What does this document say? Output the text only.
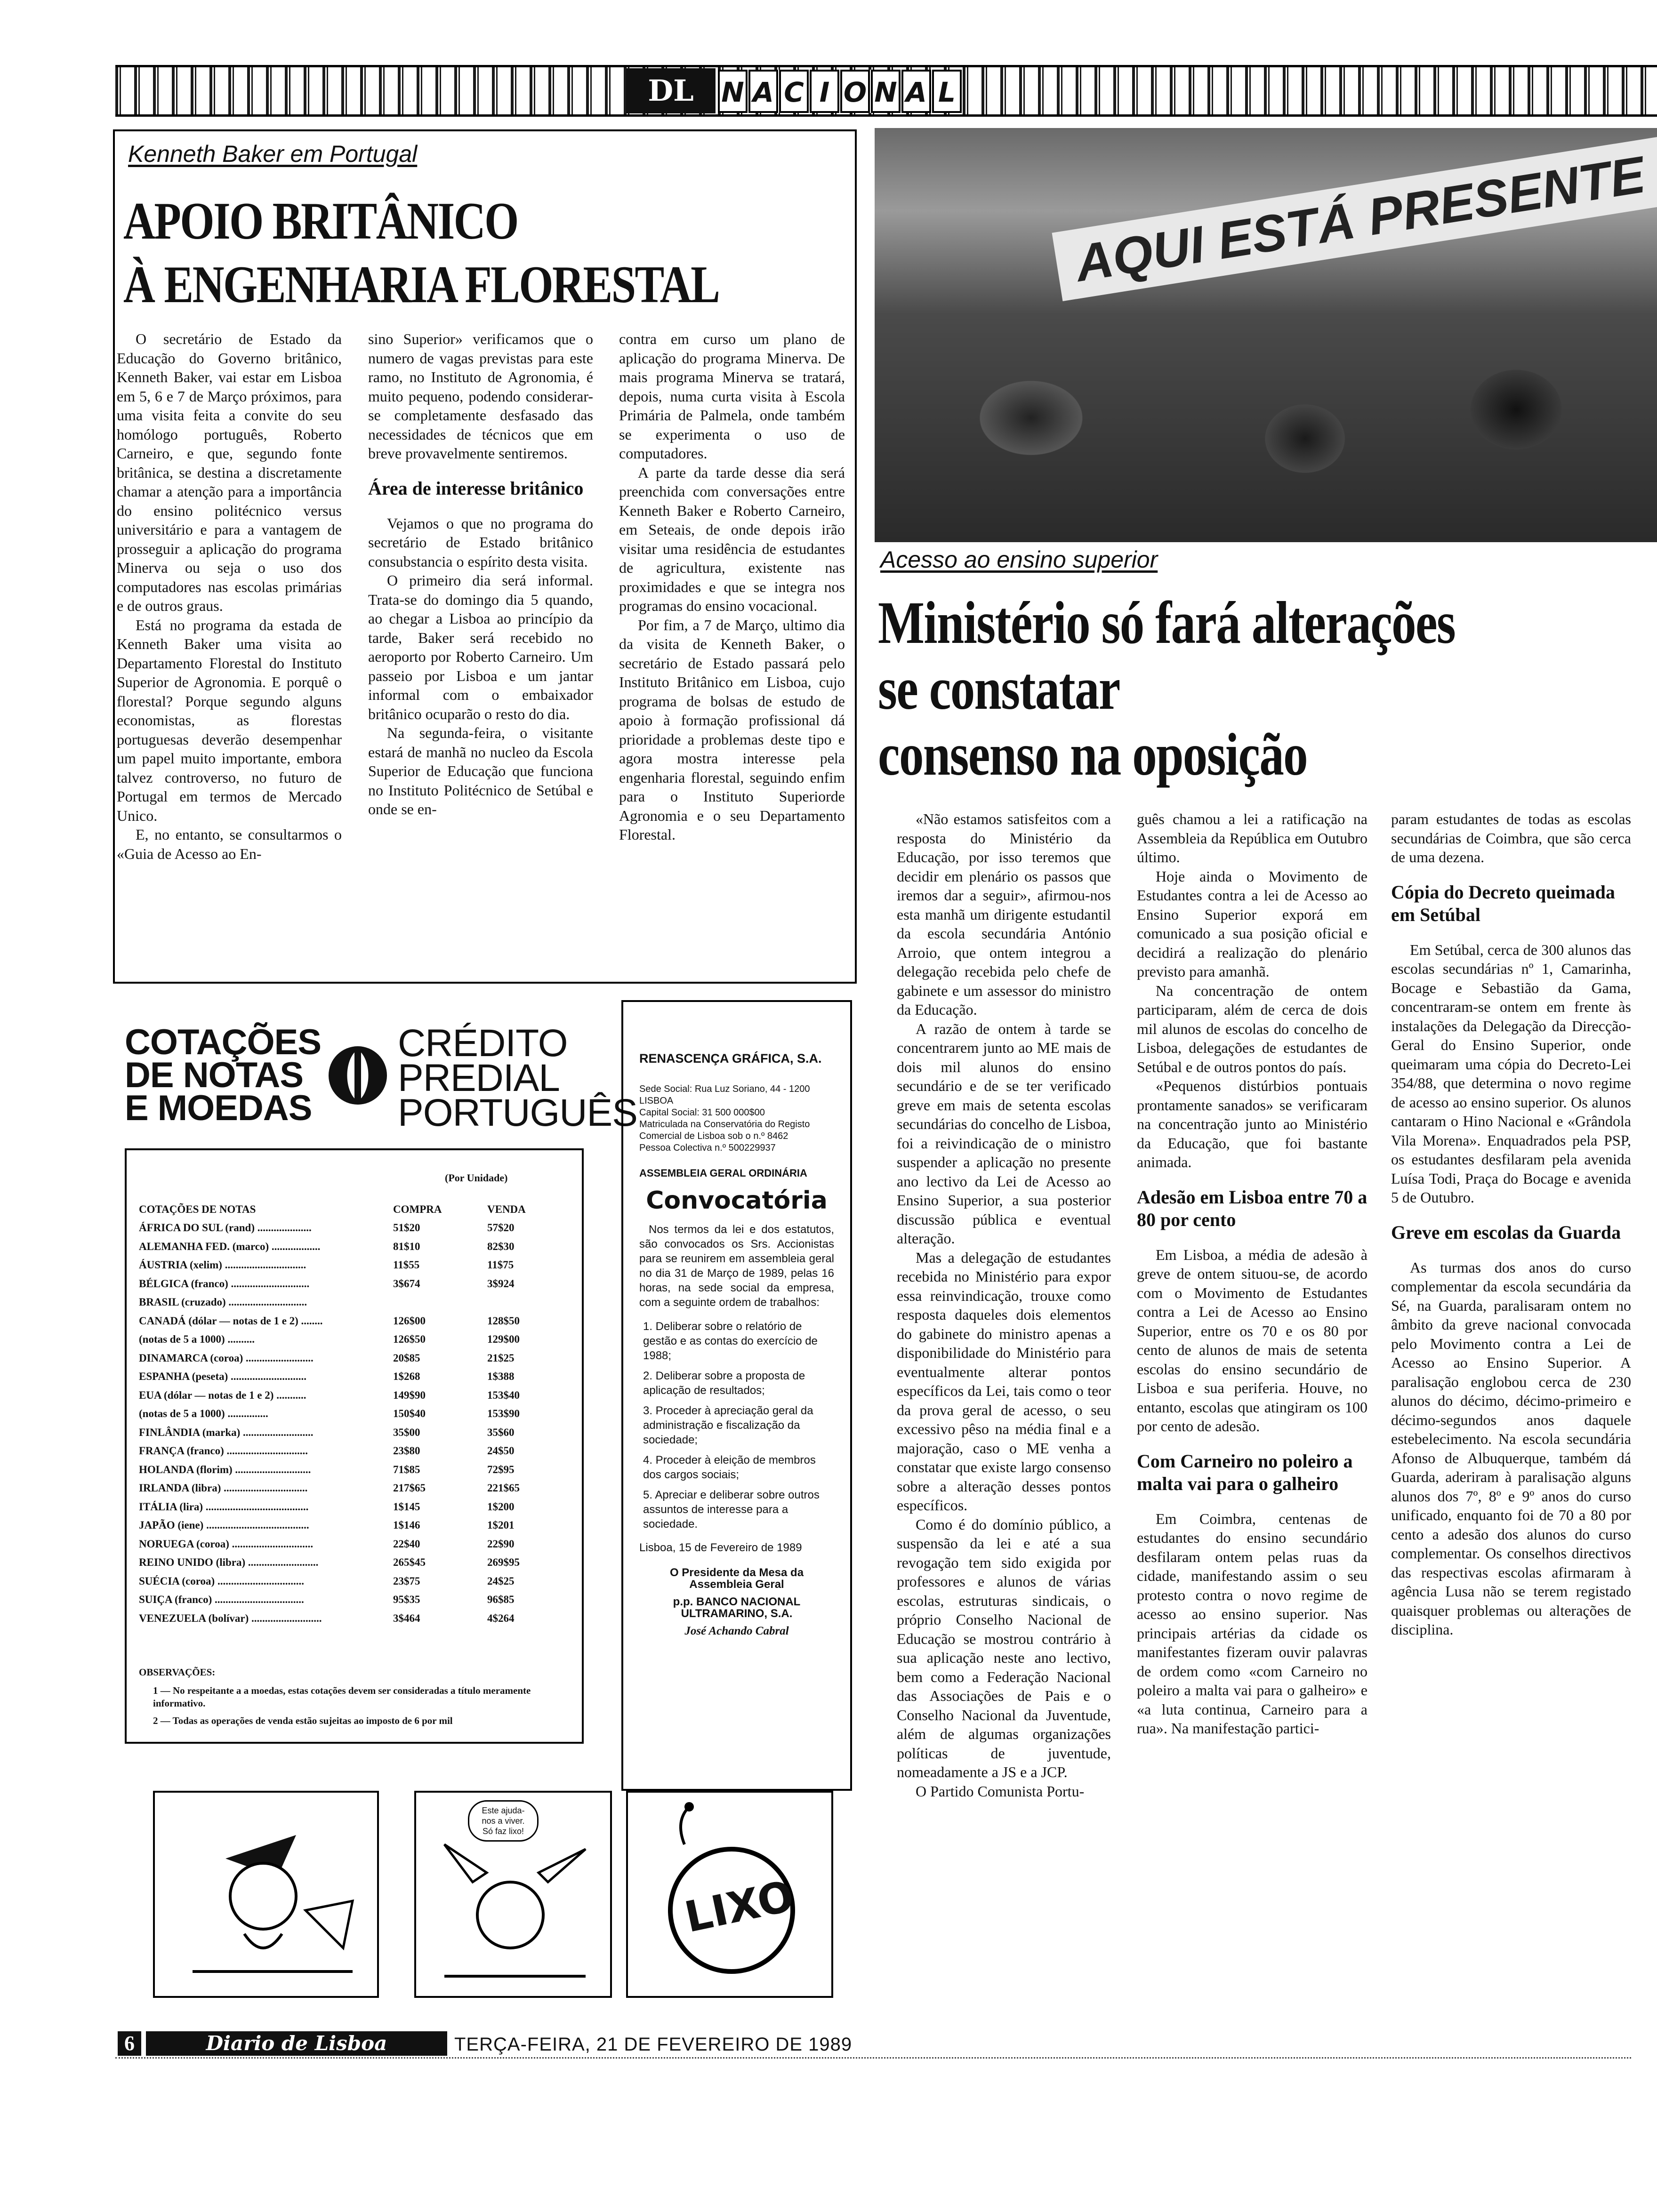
DL	N A C I O N A L
Kenneth Baker em Portugal
APOIO BRITÂNICO
À ENGENHARIA FLORESTAL

O secretário de Estado da Educação do Governo britânico, Kenneth Baker, vai estar em Lisboa em 5, 6 e 7 de Março próximos, para uma visita feita a convite do seu homólogo português, Roberto Carneiro, e que, segundo fonte britânica, se destina a discretamente chamar a atenção para a importância do ensino politécnico versus universitário e para a vantagem de prosseguir a aplicação do programa Minerva ou seja o uso dos computadores nas escolas primárias e de outros graus.

Está no programa da estada de Kenneth Baker uma visita ao Departamento Florestal do Instituto Superior de Agronomia. E porquê o florestal? Porque segundo alguns economistas, as florestas portuguesas deverão desempenhar um papel muito importante, embora talvez controverso, no futuro de Portugal em termos de Mercado Unico.

E, no entanto, se consultarmos o «Guia de Acesso ao En-

sino Superior» verificamos que o numero de vagas previstas para este ramo, no Instituto de Agronomia, é muito pequeno, podendo considerar-se completamente desfasado das necessidades de técnicos que em breve provavelmente sentiremos.

Área de interesse britânico

Vejamos o que no programa do secretário de Estado britânico consubstancia o espírito desta visita.

O primeiro dia será informal. Trata-se do domingo dia 5 quando, ao chegar a Lisboa ao princípio da tarde, Baker será recebido no aeroporto por Roberto Carneiro. Um passeio por Lisboa e um jantar informal com o embaixador britânico ocuparão o resto do dia.

Na segunda-feira, o visitante estará de manhã no nucleo da Escola Superior de Educação que funciona no Instituto Politécnico de Setúbal e onde se en-

contra em curso um plano de aplicação do programa Minerva. De mais programa Minerva se tratará, depois, numa curta visita à Escola Primária de Palmela, onde também se experimenta o uso de computadores.

A parte da tarde desse dia será preenchida com conversações entre Kenneth Baker e Roberto Carneiro, em Seteais, de onde depois irão visitar uma residência de estudantes de agricultura, existente nas proximidades e que se integra nos programas do ensino vocacional.

Por fim, a 7 de Março, ultimo dia da visita de Kenneth Baker, o secretário de Estado passará pelo Instituto Britânico em Lisboa, cujo programa de bolsas de estudo de apoio à formação profissional dá prioridade a problemas deste tipo e agora mostra interesse pela engenharia florestal, seguindo enfim para o Instituto Superiorde Agronomia e o seu Departamento Florestal.

AQUI ESTÁ PRESENTE
Acesso ao ensino superior
Ministério só fará alterações
se constatar
consenso na oposição

«Não estamos satisfeitos com a resposta do Ministério da Educação, por isso teremos que decidir em plenário os passos que iremos dar a seguir», afirmou-nos esta manhã um dirigente estudantil da escola secundária António Arroio, que ontem integrou a delegação recebida pelo chefe de gabinete e um assessor do ministro da Educação.

A razão de ontem à tarde se concentrarem junto ao ME mais de dois mil alunos do ensino secundário e de se ter verificado greve em mais de setenta escolas secundárias do concelho de Lisboa, foi a reivindicação de o ministro suspender a aplicação no presente ano lectivo da Lei de Acesso ao Ensino Superior, a sua posterior discussão pública e eventual alteração.

Mas a delegação de estudantes recebida no Ministério para expor essa reinvindicação, trouxe como resposta daqueles dois elementos do gabinete do ministro apenas a disponibilidade do Ministério para eventualmente alterar pontos específicos da Lei, tais como o teor da prova geral de acesso, o seu excessivo pêso na média final e a majoração, caso o ME venha a constatar que existe largo consenso sobre a alteração desses pontos específicos.

Como é do domínio público, a suspensão da lei e até a sua revogação tem sido exigida por professores e alunos de várias escolas, estruturas sindicais, o próprio Conselho Nacional de Educação se mostrou contrário à sua aplicação neste ano lectivo, bem como a Federação Nacional das Associações de Pais e o Conselho Nacional da Juventude, além de algumas organizações políticas de juventude, nomeadamente a JS e a JCP.

O Partido Comunista Portu-

guês chamou a lei a ratificação na Assembleia da República em Outubro último.

Hoje ainda o Movimento de Estudantes contra a lei de Acesso ao Ensino Superior exporá em comunicado a sua posição oficial e decidirá a realização do plenário previsto para amanhã.

Na concentração de ontem participaram, além de cerca de dois mil alunos de escolas do concelho de Lisboa, delegações de estudantes de Setúbal e de outros pontos do país.

«Pequenos distúrbios pontuais prontamente sanados» se verificaram na concentração junto ao Ministério da Educação, que foi bastante animada.

Adesão em Lisboa entre 70 a 80 por cento

Em Lisboa, a média de adesão à greve de ontem situou-se, de acordo com o Movimento de Estudantes contra a Lei de Acesso ao Ensino Superior, entre os 70 e os 80 por cento de alunos de mais de setenta escolas do ensino secundário de Lisboa e sua periferia. Houve, no entanto, escolas que atingiram os 100 por cento de adesão.

Com Carneiro no poleiro a malta vai para o galheiro

Em Coimbra, centenas de estudantes do ensino secundário desfilaram ontem pelas ruas da cidade, manifestando assim o seu protesto contra o novo regime de acesso ao ensino superior. Nas principais artérias da cidade os manifestantes fizeram ouvir palavras de ordem como «com Carneiro no poleiro a malta vai para o galheiro» e «a luta continua, Carneiro para a rua». Na manifestação partici-

param estudantes de todas as escolas secundárias de Coimbra, que são cerca de uma dezena.

Cópia do Decreto queimada em Setúbal

Em Setúbal, cerca de 300 alunos das escolas secundárias nº 1, Camarinha, Bocage e Sebastião da Gama, concentraram-se ontem em frente às instalações da Delegação da Direcção-Geral do Ensino Superior, onde queimaram uma cópia do Decreto-Lei 354/88, que determina o novo regime de acesso ao ensino superior. Os alunos cantaram o Hino Nacional e «Grândola Vila Morena». Enquadrados pela PSP, os estudantes desfilaram pela avenida Luísa Todi, Praça do Bocage e avenida 5 de Outubro.

Greve em escolas da Guarda

As turmas dos anos do curso complementar da escola secundária da Sé, na Guarda, paralisaram ontem no âmbito da greve nacional convocada pelo Movimento contra a Lei de Acesso ao Ensino Superior. A paralisação englobou cerca de 230 alunos do décimo, décimo-primeiro e décimo-segundos anos daquele estebelecimento. Na escola secundária Afonso de Albuquerque, também dá Guarda, aderiram à paralisação alguns alunos dos 7º, 8º e 9º anos do curso unificado, enquanto foi de 70 a 80 por cento a adesão dos alunos do curso complementar. Os conselhos directivos das respectivas escolas afirmaram à agência Lusa não se terem registado quaisquer problemas ou alterações de disciplina.

COTAÇÕES
DE NOTAS
E MOEDAS
CRÉDITO
PREDIAL
PORTUGUÊS
(Por Unidade)
COTAÇÕES DE NOTAS	COMPRA	VENDA
ÁFRICA DO SUL (rand) ....................	51$20	57$20
ALEMANHA FED. (marco) ..................	81$10	82$30
ÁUSTRIA (xelim) ..............................	11$55	11$75
BÉLGICA (franco) .............................	3$674	3$924
BRASIL (cruzado) .............................		
CANADÁ (dólar — notas de 1 e 2) ........	126$00	128$50
(notas de 5 a 1000) ..........	126$50	129$00
DINAMARCA (coroa) .........................	20$85	21$25
ESPANHA (peseta) ............................	1$268	1$388
EUA (dólar — notas de 1 e 2) ...........	149$90	153$40
(notas de 5 a 1000) ...............	150$40	153$90
FINLÂNDIA (marka) ..........................	35$00	35$60
FRANÇA (franco) ..............................	23$80	24$50
HOLANDA (florim) ............................	71$85	72$95
IRLANDA (libra) ...............................	217$65	221$65
ITÁLIA (lira) ......................................	1$145	1$200
JAPÃO (iene) ......................................	1$146	1$201
NORUEGA (coroa) ..............................	22$40	22$90
REINO UNIDO (libra) ..........................	265$45	269$95
SUÉCIA (coroa) ................................	23$75	24$25
SUIÇA (franco) .................................	95$35	96$85
VENEZUELA (bolívar) ..........................	3$464	4$264
OBSERVAÇÕES:
1 — No respeitante a a moedas, estas cotações devem ser consideradas a título meramente informativo.
2 — Todas as operações de venda estão sujeitas ao imposto de 6 por mil
RENASCENÇA GRÁFICA, S.A.
Sede Social: Rua Luz Soriano, 44 - 1200 LISBOA
Capital Social: 31 500 000$00
Matriculada na Conservatória do Registo
Comercial de Lisboa sob o n.º 8462
Pessoa Colectiva n.º 500229937
ASSEMBLEIA GERAL ORDINÁRIA
Convocatória
Nos termos da lei e dos estatutos, são convocados os Srs. Accionistas para se reunirem em assembleia geral no dia 31 de Março de 1989, pelas 16 horas, na sede social da empresa, com a seguinte ordem de trabalhos:
1. Deliberar sobre o relatório de gestão e as contas do exercício de 1988;
2. Deliberar sobre a proposta de aplicação de resultados;
3. Proceder à apreciação geral da administração e fiscalização da sociedade;
4. Proceder à eleição de membros dos cargos sociais;
5. Apreciar e deliberar sobre outros assuntos de interesse para a sociedade.
Lisboa, 15 de Fevereiro de 1989
O Presidente da Mesa da Assembleia Geral
p.p. BANCO NACIONAL ULTRAMARINO, S.A.
José Achando Cabral
Este ajuda-nos a viver. Só faz lixo!
LIXO
6	Diario de Lisboa	TERÇA-FEIRA, 21 DE FEVEREIRO DE 1989
